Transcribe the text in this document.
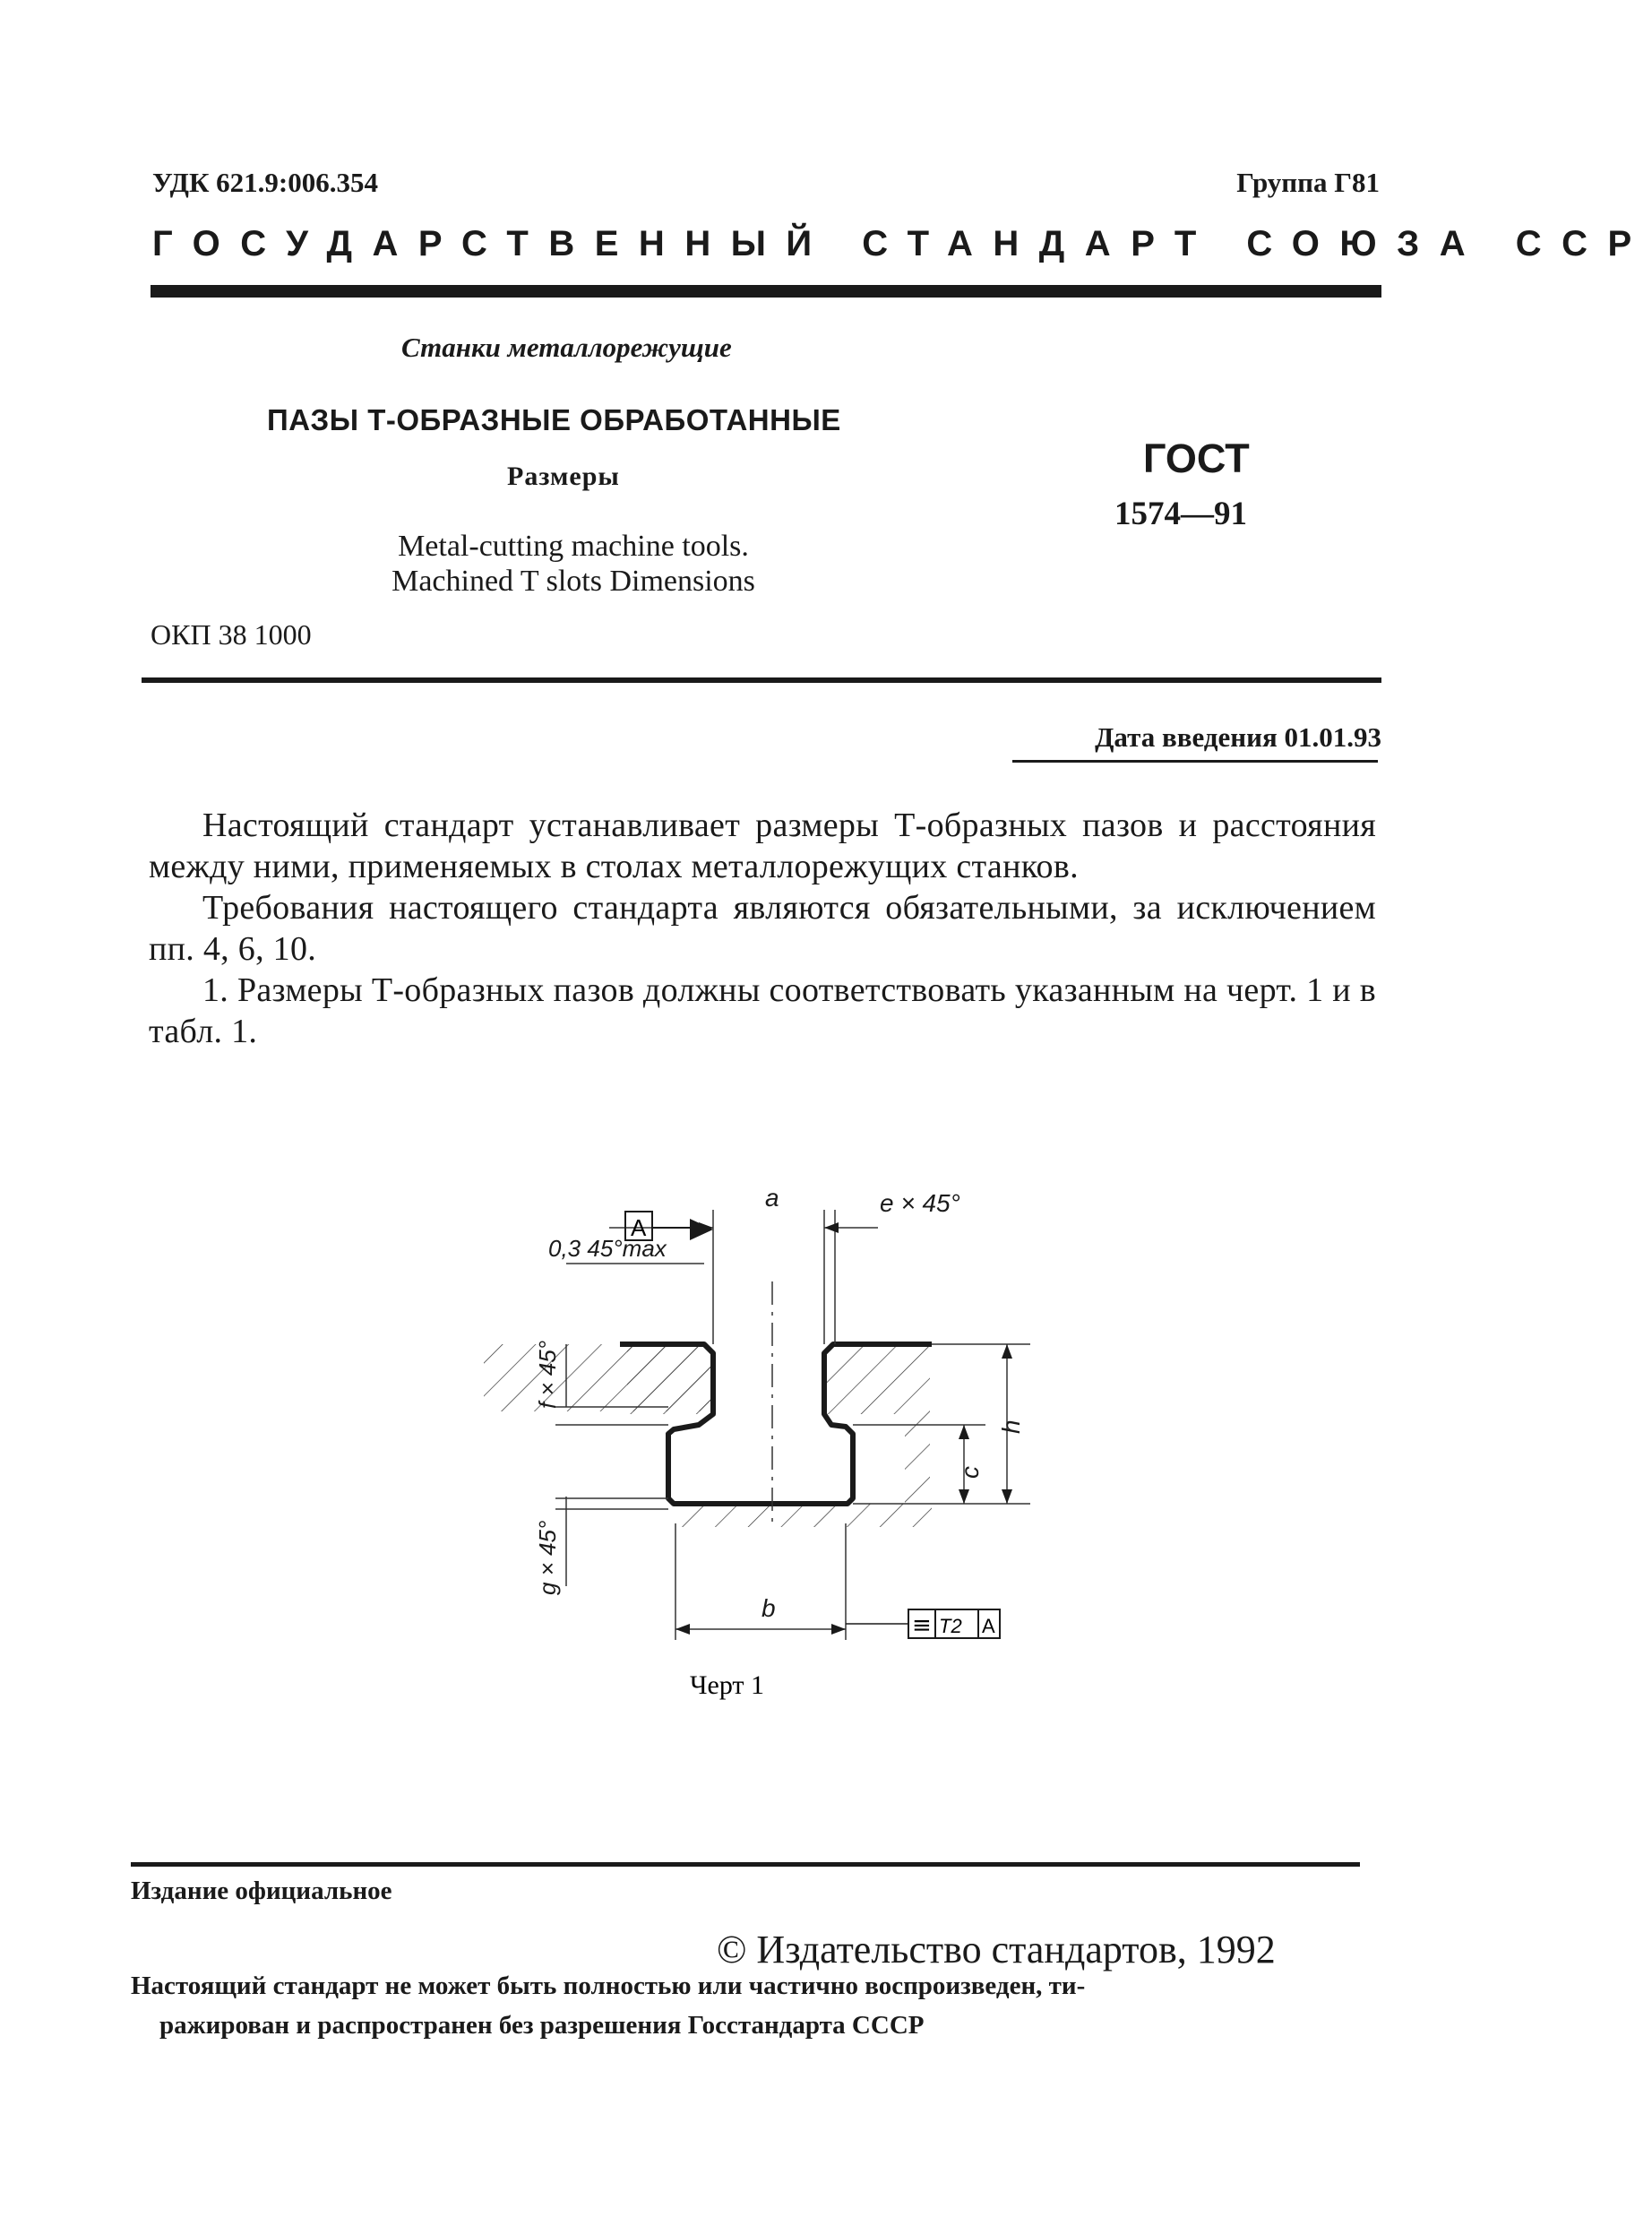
УДК 621.9:006.354	Группа Г81
ГОСУДАРСТВЕННЫЙ СТАНДАРТ СОЮЗА ССР
Станки металлорежущие
ПАЗЫ Т-ОБРАЗНЫЕ ОБРАБОТАННЫЕ
Размеры
Metal-cutting machine tools.
Machined T slots Dimensions
ГОСТ
1574—91
ОКП 38 1000
Дата введения 01.01.93

Настоящий стандарт устанавливает размеры Т-образных пазов и расстояния между ними, применяемых в столах металлорежущих станков.

Требования настоящего стандарта являются обязательными, за исключением пп. 4, 6, 10.

1. Размеры Т-образных пазов должны соответствовать указанным на черт. 1 и в табл. 1.

A
a	e × 45°
0,3 45°max
b
h
c
f × 45°
g × 45°
≡ T2 A
Черт 1
Издание официальное
© Издательство стандартов, 1992
Настоящий стандарт не может быть полностью или частично воспроизведен, ти-
ражирован и распространен без разрешения Госстандарта СССР
